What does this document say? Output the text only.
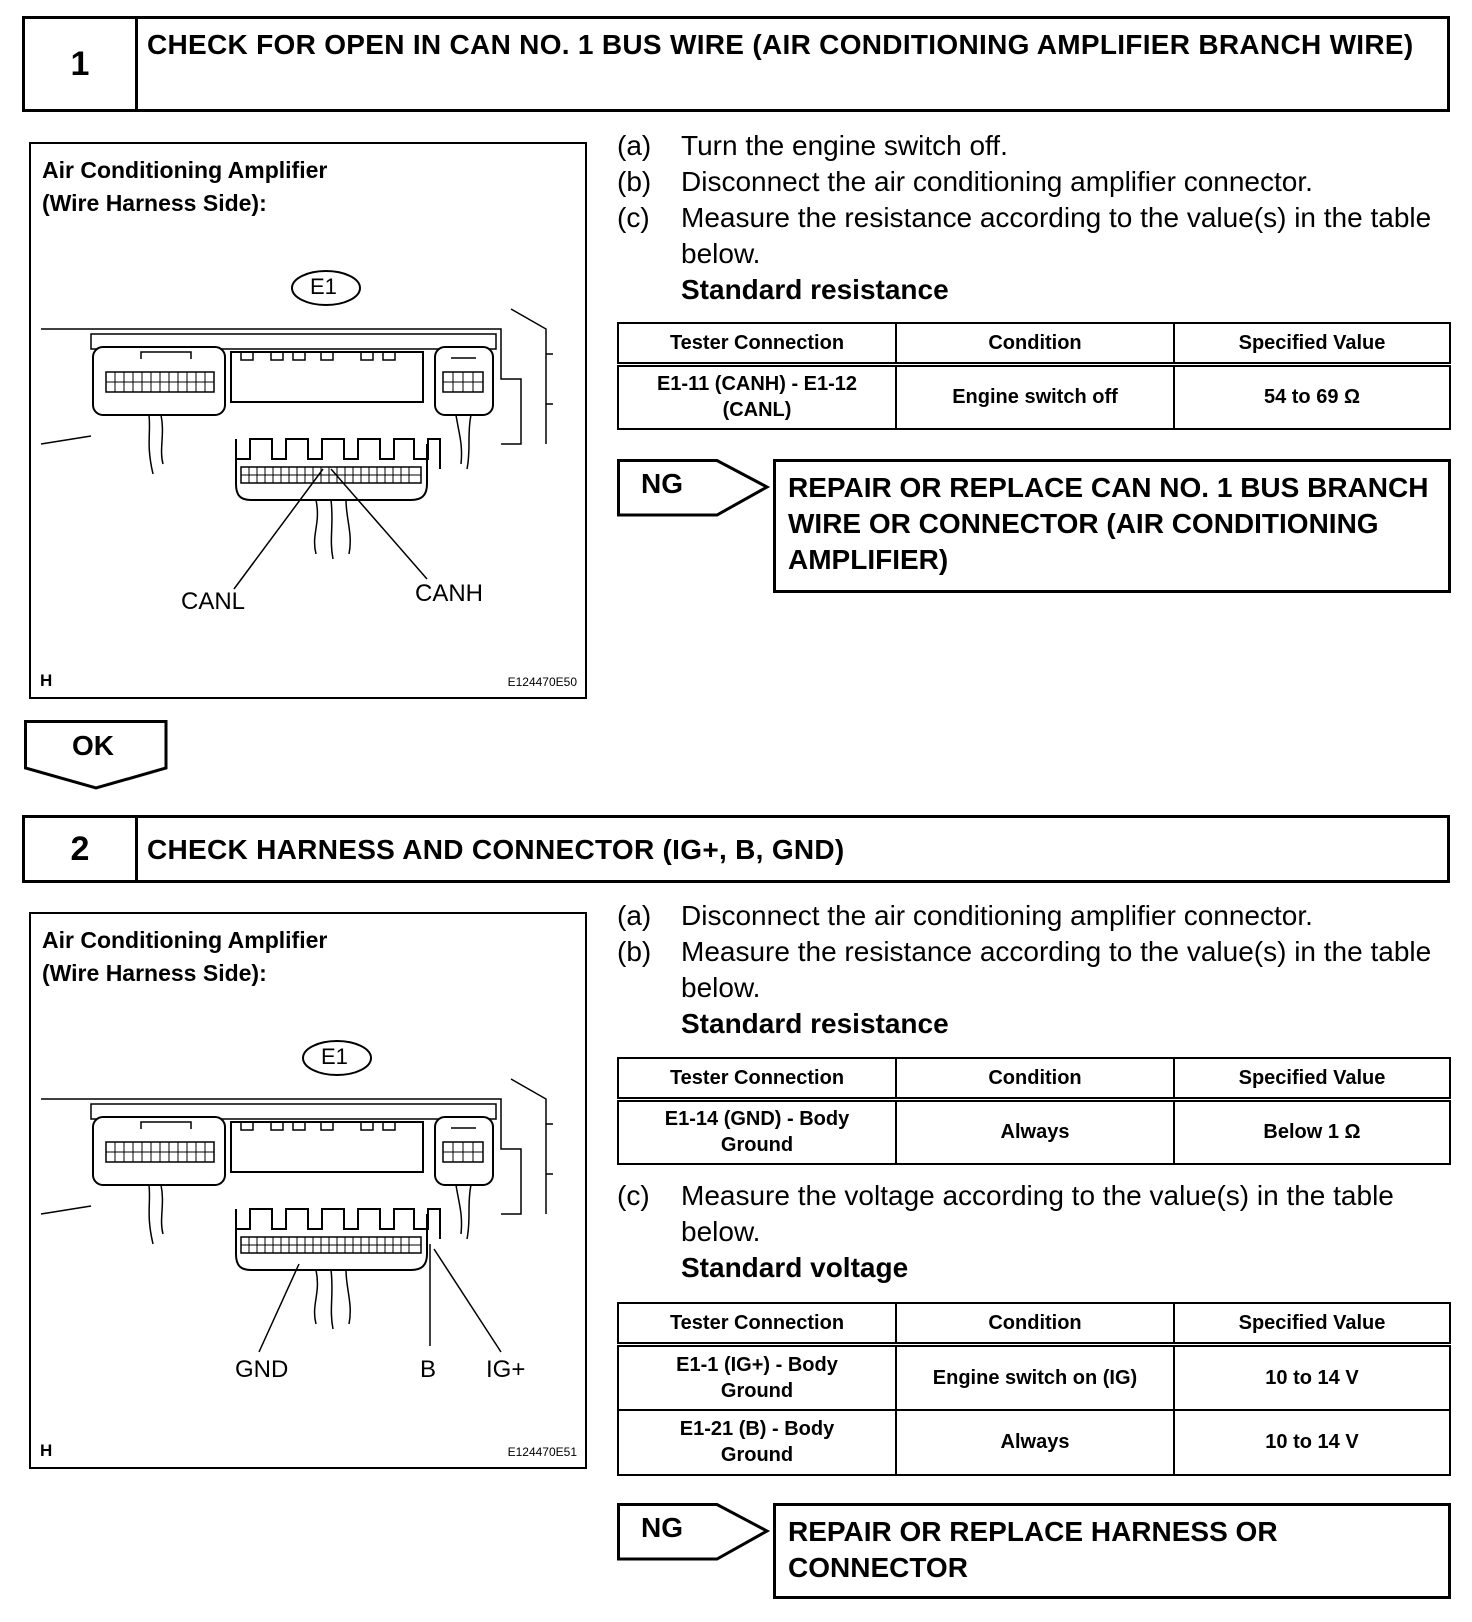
1	CHECK FOR OPEN IN CAN NO. 1 BUS WIRE (AIR CONDITIONING AMPLIFIER BRANCH WIRE)
Air Conditioning Amplifier
(Wire Harness Side):
E1
CANL	CANH
H	E124470E50
(a)	Turn the engine switch off.
(b)	Disconnect the air conditioning amplifier connector.
(c)	Measure the resistance according to the value(s) in the table below.
Standard resistance
Tester Connection	Condition	Specified Value
E1-11 (CANH) - E1-12 (CANL)	Engine switch off	54 to 69 Ω
NG	REPAIR OR REPLACE CAN NO. 1 BUS BRANCH WIRE OR CONNECTOR (AIR CONDITIONING AMPLIFIER)
OK
2	CHECK HARNESS AND CONNECTOR (IG+, B, GND)
Air Conditioning Amplifier
(Wire Harness Side):
E1
GND	B IG+
H	E124470E51
(a)	Disconnect the air conditioning amplifier connector.
(b)	Measure the resistance according to the value(s) in the table below.
Standard resistance
Tester Connection	Condition	Specified Value
E1-14 (GND) - Body Ground	Always	Below 1 Ω
(c)	Measure the voltage according to the value(s) in the table below.
Standard voltage
Tester Connection	Condition	Specified Value
E1-1 (IG+) - Body Ground	Engine switch on (IG)	10 to 14 V
E1-21 (B) - Body Ground	Always	10 to 14 V
NG	REPAIR OR REPLACE HARNESS OR CONNECTOR
